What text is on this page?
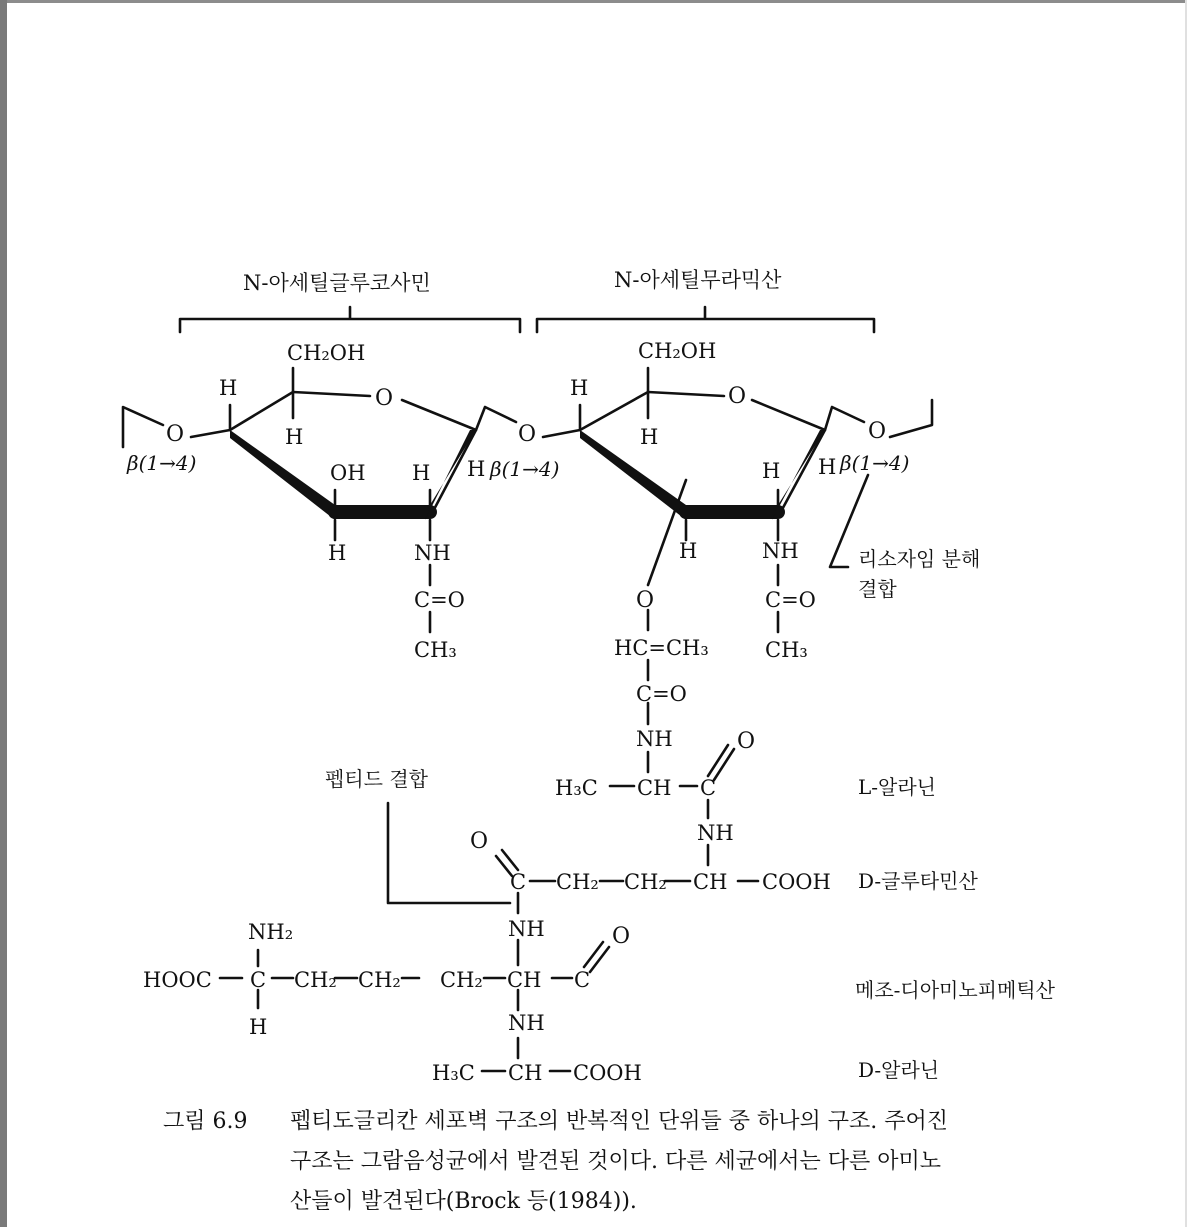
N-아세틸글루코사민	N-아세틸무라믹산
O
β(1→4)
H
CH₂OH
O
H
OH H
H	NH
C=O
CH₃
H β(1→4)
O
H
CH₂OH
O
H
H
H	NH
C=O
CH₃
H β(1→4)
O
리소자임 분해
결합
O
HC=CH₃
C=O
NH	O
H₃C CH C
NH
L-알라닌
펩티드 결합
O
C CH₂ CH₂ CH COOH D-글루타민산
NH	O
NH₂
HOOC C CH₂ CH₂ CH₂ CH C
H	NH
메조-디아미노피메틱산
H₃C CH COOH	D-알라닌
그림 6.9 펩티도글리칸 세포벽 구조의 반복적인 단위들 중 하나의 구조. 주어진
구조는 그람음성균에서 발견된 것이다. 다른 세균에서는 다른 아미노
산들이 발견된다(Brock 등(1984)).
